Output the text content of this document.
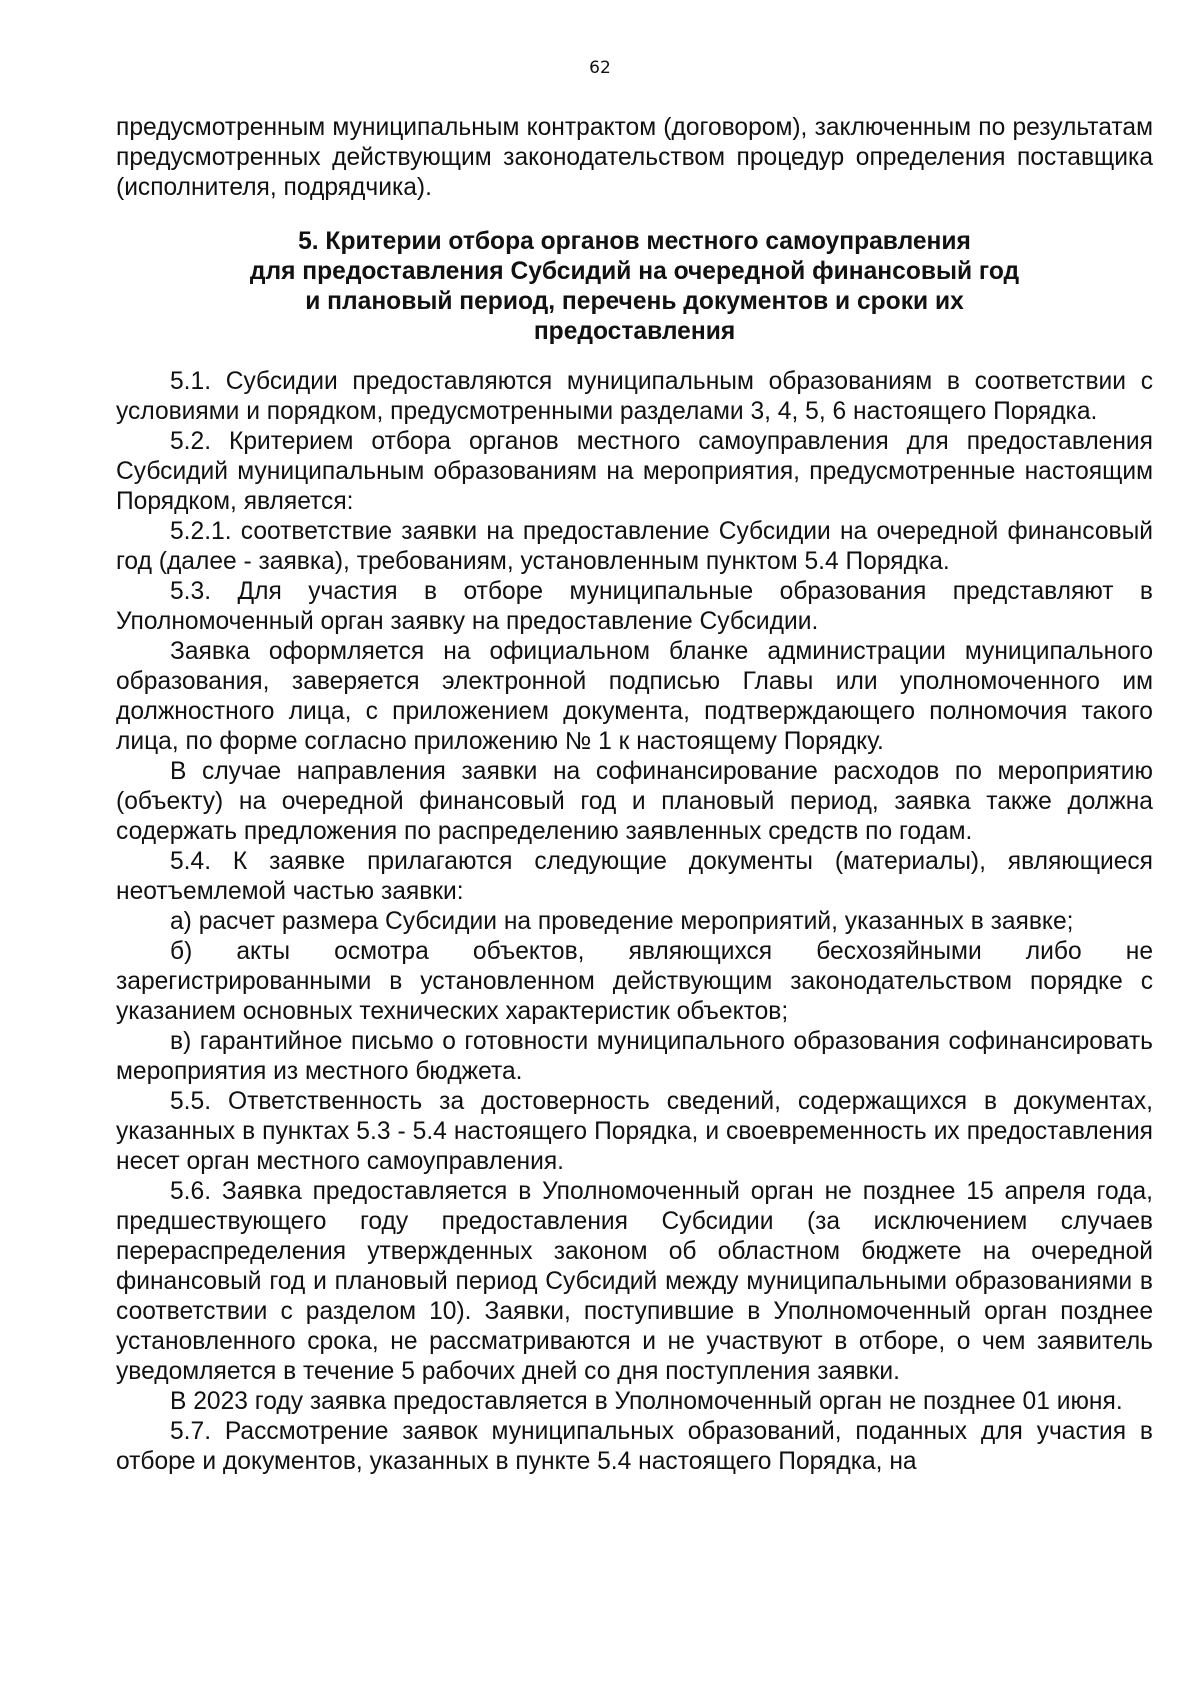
62

предусмотренным муниципальным контрактом (договором), заключенным по результатам предусмотренных действующим законодательством процедур определения поставщика (исполнителя, подрядчика).

5. Критерии отбора органов местного самоуправления
для предоставления Субсидий на очередной финансовый год
и плановый период, перечень документов и сроки их
предоставления

5.1. Субсидии предоставляются муниципальным образованиям в соответствии с условиями и порядком, предусмотренными разделами 3, 4, 5, 6 настоящего Порядка.

5.2. Критерием отбора органов местного самоуправления для предоставления Субсидий муниципальным образованиям на мероприятия, предусмотренные настоящим Порядком, является:

5.2.1. соответствие заявки на предоставление Субсидии на очередной финансовый год (далее - заявка), требованиям, установленным пунктом 5.4 Порядка.

5.3. Для участия в отборе муниципальные образования представляют в Уполномоченный орган заявку на предоставление Субсидии.

Заявка оформляется на официальном бланке администрации муниципального образования, заверяется электронной подписью Главы или уполномоченного им должностного лица, с приложением документа, подтверждающего полномочия такого лица, по форме согласно приложению № 1 к настоящему Порядку.

В случае направления заявки на софинансирование расходов по мероприятию (объекту) на очередной финансовый год и плановый период, заявка также должна содержать предложения по распределению заявленных средств по годам.

5.4. К заявке прилагаются следующие документы (материалы), являющиеся неотъемлемой частью заявки:

а) расчет размера Субсидии на проведение мероприятий, указанных в заявке;

б) акты осмотра объектов, являющихся бесхозяйными либо не зарегистрированными в установленном действующим законодательством порядке с указанием основных технических характеристик объектов;

в) гарантийное письмо о готовности муниципального образования софинансировать мероприятия из местного бюджета.

5.5. Ответственность за достоверность сведений, содержащихся в документах, указанных в пунктах 5.3 - 5.4 настоящего Порядка, и своевременность их предоставления несет орган местного самоуправления.

5.6. Заявка предоставляется в Уполномоченный орган не позднее 15 апреля года, предшествующего году предоставления Субсидии (за исключением случаев перераспределения утвержденных законом об областном бюджете на очередной финансовый год и плановый период Субсидий между муниципальными образованиями в соответствии с разделом 10). Заявки, поступившие в Уполномоченный орган позднее установленного срока, не рассматриваются и не участвуют в отборе, о чем заявитель уведомляется в течение 5 рабочих дней со дня поступления заявки.

В 2023 году заявка предоставляется в Уполномоченный орган не позднее 01 июня.

5.7. Рассмотрение заявок муниципальных образований, поданных для участия в отборе и документов, указанных в пункте 5.4 настоящего Порядка, на
